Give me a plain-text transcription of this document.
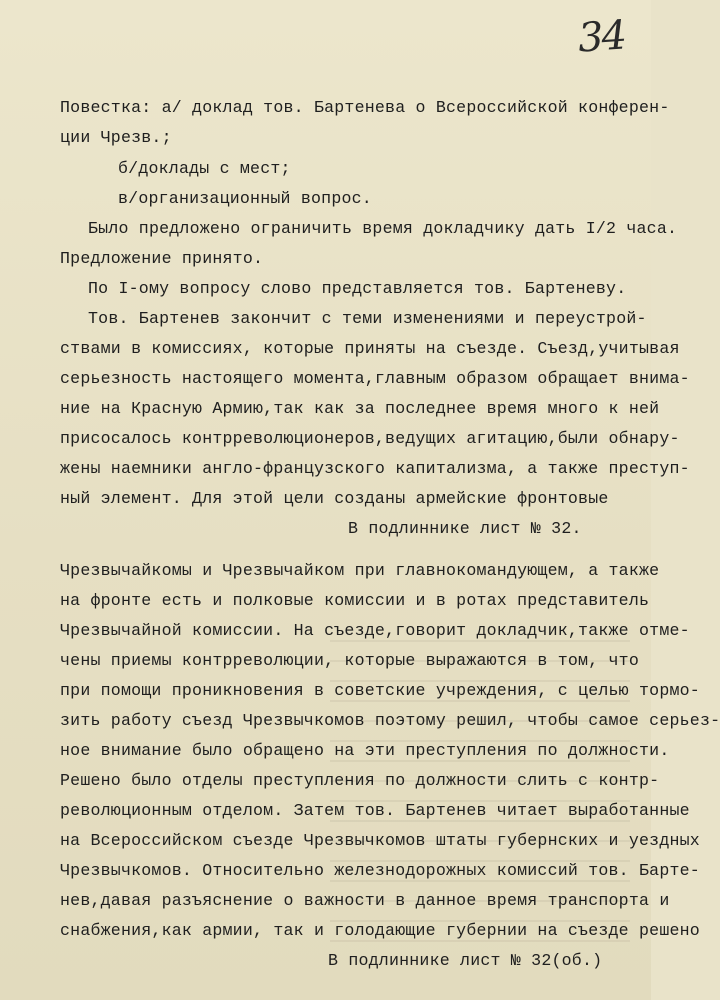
34
Повестка: а/ доклад тов. Бартенева о Всероссийской конферен-
ции Чрезв.;
б/доклады с мест;
в/организационный вопрос.
Было предложено ограничить время докладчику дать I/2 часа.
Предложение принято.
По I-ому вопросу слово представляется тов. Бартеневу.
Тов. Бартенев закончит с теми изменениями и переустрой-
ствами в комиссиях, которые приняты на съезде. Съезд,учитывая
серьезность настоящего момента,главным образом обращает внима-
ние на Красную Армию,так как за последнее время много к ней
присосалось контрреволюционеров,ведущих агитацию,были обнару-
жены наемники англо-французского капитализма, а также преступ-
ный элемент. Для этой цели созданы армейские фронтовые
В подлиннике лист № 32.
Чрезвычайкомы и Чрезвычайком при главнокомандующем, а также
на фронте есть и полковые комиссии и в ротах представитель
Чрезвычайной комиссии. На съезде,говорит докладчик,также отме-
чены приемы контрреволюции, которые выражаются в том, что
при помощи проникновения в советские учреждения, с целью тормо-
зить работу съезд Чрезвычкомов поэтому решил, чтобы самое серьез-
ное внимание было обращено на эти преступления по должности.
Решено было отделы преступления по должности слить с контр-
революционным отделом. Затем тов. Бартенев читает выработанные
на Всероссийском съезде Чрезвычкомов штаты губернских и уездных
Чрезвычкомов. Относительно железнодорожных комиссий тов. Барте-
нев,давая разъяснение о важности в данное время транспорта и
снабжения,как армии, так и голодающие губернии на съезде решено
В подлиннике лист № 32(об.)
